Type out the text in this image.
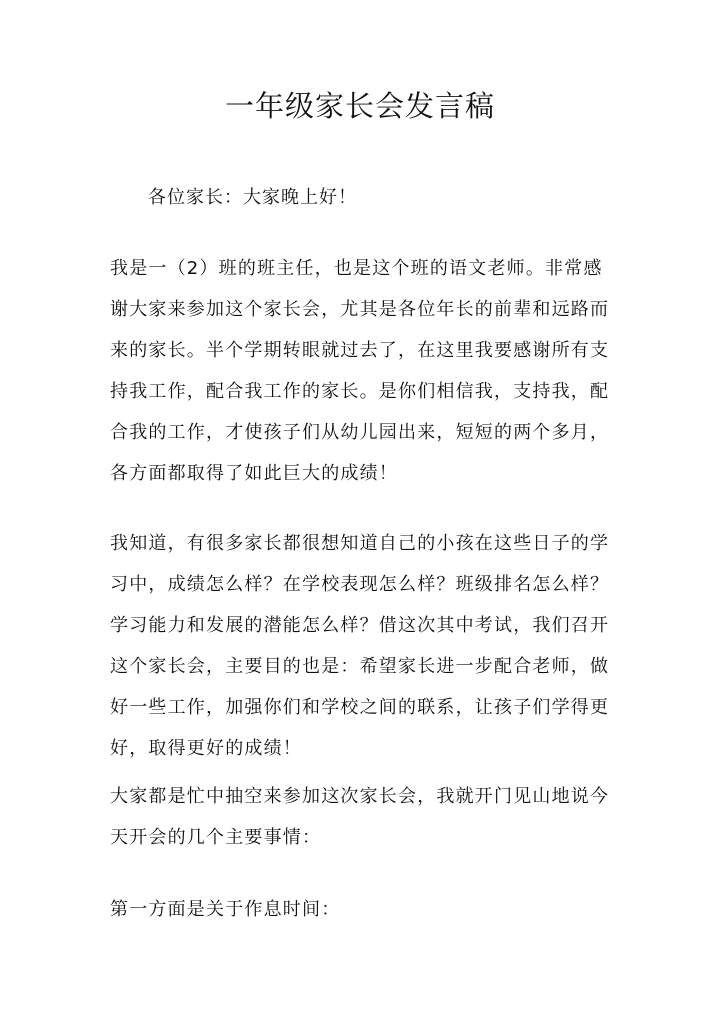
一年级家长会发言稿
各位家长：大家晚上好！
我是一（2）班的班主任，也是这个班的语文老师。非常感
谢大家来参加这个家长会，尤其是各位年长的前辈和远路而
来的家长。半个学期转眼就过去了，在这里我要感谢所有支
持我工作，配合我工作的家长。是你们相信我，支持我，配
合我的工作，才使孩子们从幼儿园出来，短短的两个多月，
各方面都取得了如此巨大的成绩！
我知道，有很多家长都很想知道自己的小孩在这些日子的学
习中，成绩怎么样？在学校表现怎么样？班级排名怎么样？
学习能力和发展的潜能怎么样？借这次其中考试，我们召开
这个家长会，主要目的也是：希望家长进一步配合老师，做
好一些工作，加强你们和学校之间的联系，让孩子们学得更
好，取得更好的成绩！
大家都是忙中抽空来参加这次家长会，我就开门见山地说今
天开会的几个主要事情：
第一方面是关于作息时间：
